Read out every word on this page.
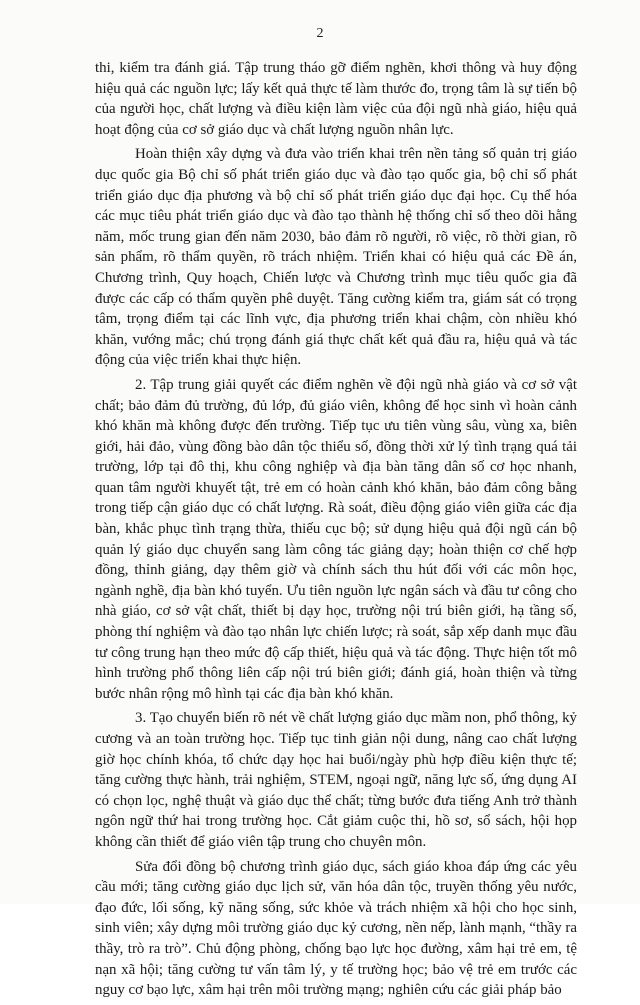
2

thi, kiểm tra đánh giá. Tập trung tháo gỡ điểm nghẽn, khơi thông và huy động hiệu quả các nguồn lực; lấy kết quả thực tế làm thước đo, trọng tâm là sự tiến bộ của người học, chất lượng và điều kiện làm việc của đội ngũ nhà giáo, hiệu quả hoạt động của cơ sở giáo dục và chất lượng nguồn nhân lực.

Hoàn thiện xây dựng và đưa vào triển khai trên nền tảng số quản trị giáo dục quốc gia Bộ chỉ số phát triển giáo dục và đào tạo quốc gia, bộ chỉ số phát triển giáo dục địa phương và bộ chỉ số phát triển giáo dục đại học. Cụ thể hóa các mục tiêu phát triển giáo dục và đào tạo thành hệ thống chỉ số theo dõi hằng năm, mốc trung gian đến năm 2030, bảo đảm rõ người, rõ việc, rõ thời gian, rõ sản phẩm, rõ thẩm quyền, rõ trách nhiệm. Triển khai có hiệu quả các Đề án, Chương trình, Quy hoạch, Chiến lược và Chương trình mục tiêu quốc gia đã được các cấp có thẩm quyền phê duyệt. Tăng cường kiểm tra, giám sát có trọng tâm, trọng điểm tại các lĩnh vực, địa phương triển khai chậm, còn nhiều khó khăn, vướng mắc; chú trọng đánh giá thực chất kết quả đầu ra, hiệu quả và tác động của việc triển khai thực hiện.

2. Tập trung giải quyết các điểm nghẽn về đội ngũ nhà giáo và cơ sở vật chất; bảo đảm đủ trường, đủ lớp, đủ giáo viên, không để học sinh vì hoàn cảnh khó khăn mà không được đến trường. Tiếp tục ưu tiên vùng sâu, vùng xa, biên giới, hải đảo, vùng đồng bào dân tộc thiểu số, đồng thời xử lý tình trạng quá tải trường, lớp tại đô thị, khu công nghiệp và địa bàn tăng dân số cơ học nhanh, quan tâm người khuyết tật, trẻ em có hoàn cảnh khó khăn, bảo đảm công bằng trong tiếp cận giáo dục có chất lượng. Rà soát, điều động giáo viên giữa các địa bàn, khắc phục tình trạng thừa, thiếu cục bộ; sử dụng hiệu quả đội ngũ cán bộ quản lý giáo dục chuyển sang làm công tác giảng dạy; hoàn thiện cơ chế hợp đồng, thỉnh giảng, dạy thêm giờ và chính sách thu hút đối với các môn học, ngành nghề, địa bàn khó tuyển. Ưu tiên nguồn lực ngân sách và đầu tư công cho nhà giáo, cơ sở vật chất, thiết bị dạy học, trường nội trú biên giới, hạ tầng số, phòng thí nghiệm và đào tạo nhân lực chiến lược; rà soát, sắp xếp danh mục đầu tư công trung hạn theo mức độ cấp thiết, hiệu quả và tác động. Thực hiện tốt mô hình trường phổ thông liên cấp nội trú biên giới; đánh giá, hoàn thiện và từng bước nhân rộng mô hình tại các địa bàn khó khăn.

3. Tạo chuyển biến rõ nét về chất lượng giáo dục mầm non, phổ thông, kỷ cương và an toàn trường học. Tiếp tục tinh giản nội dung, nâng cao chất lượng giờ học chính khóa, tổ chức dạy học hai buổi/ngày phù hợp điều kiện thực tế; tăng cường thực hành, trải nghiệm, STEM, ngoại ngữ, năng lực số, ứng dụng AI có chọn lọc, nghệ thuật và giáo dục thể chất; từng bước đưa tiếng Anh trở thành ngôn ngữ thứ hai trong trường học. Cắt giảm cuộc thi, hồ sơ, sổ sách, hội họp không cần thiết để giáo viên tập trung cho chuyên môn.

Sửa đổi đồng bộ chương trình giáo dục, sách giáo khoa đáp ứng các yêu cầu mới; tăng cường giáo dục lịch sử, văn hóa dân tộc, truyền thống yêu nước, đạo đức, lối sống, kỹ năng sống, sức khỏe và trách nhiệm xã hội cho học sinh, sinh viên; xây dựng môi trường giáo dục kỷ cương, nền nếp, lành mạnh, “thầy ra thầy, trò ra trò”. Chủ động phòng, chống bạo lực học đường, xâm hại trẻ em, tệ nạn xã hội; tăng cường tư vấn tâm lý, y tế trường học; bảo vệ trẻ em trước các nguy cơ bạo lực, xâm hại trên môi trường mạng; nghiên cứu các giải pháp bảo
